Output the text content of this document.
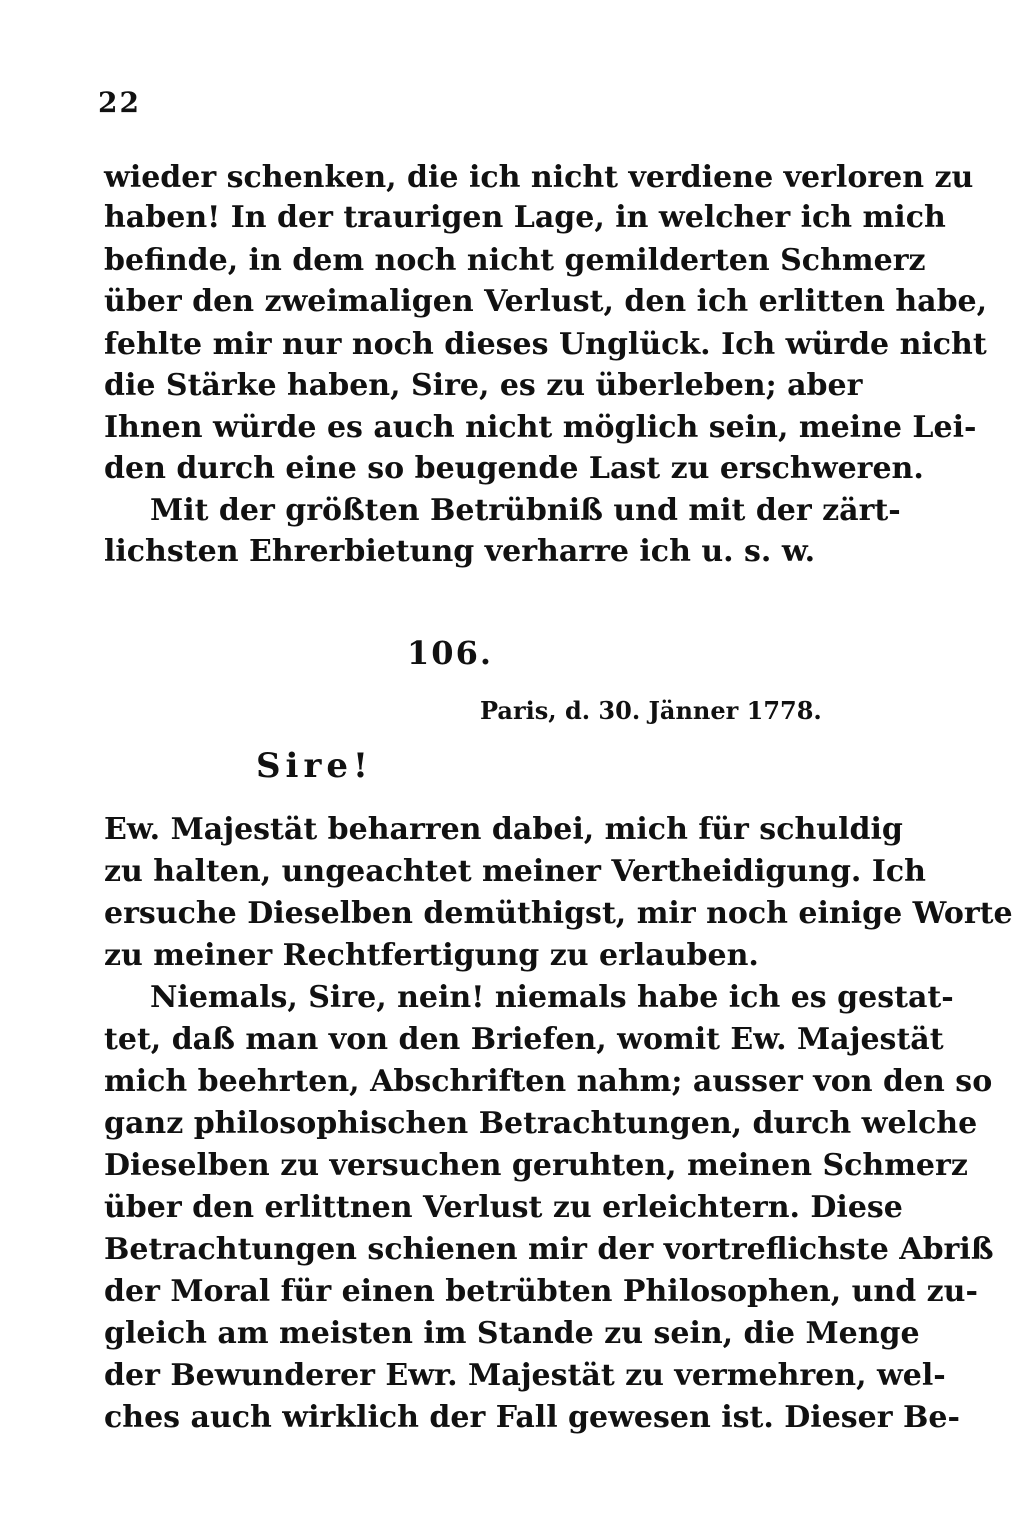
22
wieder schenken, die ich nicht verdiene verloren zu
haben! In der traurigen Lage, in welcher ich mich
befinde, in dem noch nicht gemilderten Schmerz
über den zweimaligen Verlust, den ich erlitten habe,
fehlte mir nur noch dieses Unglück. Ich würde nicht
die Stärke haben, Sire, es zu überleben; aber
Ihnen würde es auch nicht möglich sein, meine Lei-
den durch eine so beugende Last zu erschweren.
Mit der größten Betrübniß und mit der zärt-
lichsten Ehrerbietung verharre ich u. s. w.
106.
Paris, d. 30. Jänner 1778.
Sire!
Ew. Majestät beharren dabei, mich für schuldig
zu halten, ungeachtet meiner Vertheidigung. Ich
ersuche Dieselben demüthigst, mir noch einige Worte
zu meiner Rechtfertigung zu erlauben.
Niemals, Sire, nein! niemals habe ich es gestat-
tet, daß man von den Briefen, womit Ew. Majestät
mich beehrten, Abschriften nahm; ausser von den so
ganz philosophischen Betrachtungen, durch welche
Dieselben zu versuchen geruhten, meinen Schmerz
über den erlittnen Verlust zu erleichtern. Diese
Betrachtungen schienen mir der vortreflichste Abriß
der Moral für einen betrübten Philosophen, und zu-
gleich am meisten im Stande zu sein, die Menge
der Bewunderer Ewr. Majestät zu vermehren, wel-
ches auch wirklich der Fall gewesen ist. Dieser Be-
